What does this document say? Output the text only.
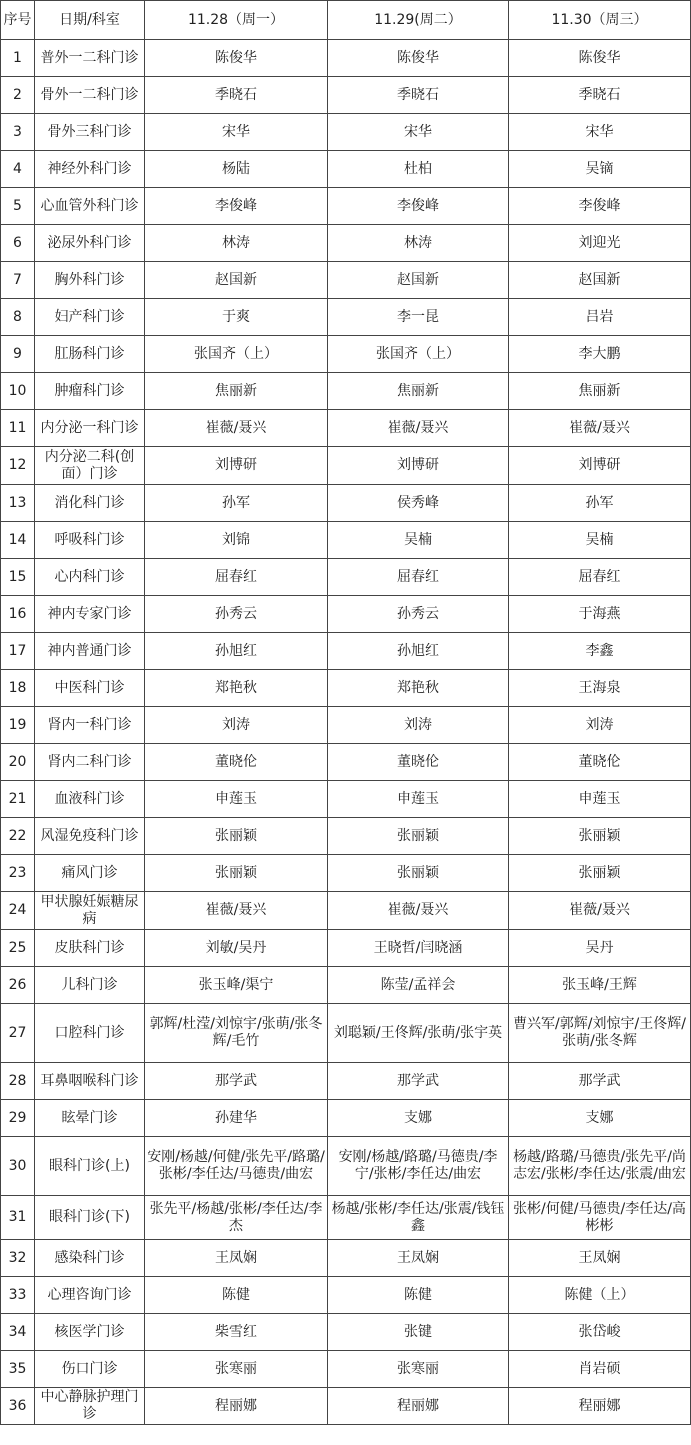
序号	日期/科室	11.28（周一）	11.29(周二）	11.30（周三）
1	普外一二科门诊	陈俊华	陈俊华	陈俊华
2	骨外一二科门诊	季晓石	季晓石	季晓石
3	骨外三科门诊	宋华	宋华	宋华
4	神经外科门诊	杨陆	杜柏	吴镝
5	心血管外科门诊	李俊峰	李俊峰	李俊峰
6	泌尿外科门诊	林涛	林涛	刘迎光
7	胸外科门诊	赵国新	赵国新	赵国新
8	妇产科门诊	于爽	李一昆	吕岩
9	肛肠科门诊	张国齐（上）	张国齐（上）	李大鹏
10	肿瘤科门诊	焦丽新	焦丽新	焦丽新
11	内分泌一科门诊	崔薇/聂兴	崔薇/聂兴	崔薇/聂兴
12	内分泌二科(创面）门诊	刘博研	刘博研	刘博研
13	消化科门诊	孙军	侯秀峰	孙军
14	呼吸科门诊	刘锦	吴楠	吴楠
15	心内科门诊	屈春红	屈春红	屈春红
16	神内专家门诊	孙秀云	孙秀云	于海燕
17	神内普通门诊	孙旭红	孙旭红	李鑫
18	中医科门诊	郑艳秋	郑艳秋	王海泉
19	肾内一科门诊	刘涛	刘涛	刘涛
20	肾内二科门诊	董晓伦	董晓伦	董晓伦
21	血液科门诊	申莲玉	申莲玉	申莲玉
22	风湿免疫科门诊	张丽颖	张丽颖	张丽颖
23	痛风门诊	张丽颖	张丽颖	张丽颖
24	甲状腺妊娠糖尿病	崔薇/聂兴	崔薇/聂兴	崔薇/聂兴
25	皮肤科门诊	刘敏/吴丹	王晓哲/闫晓涵	吴丹
26	儿科门诊	张玉峰/渠宁	陈莹/孟祥会	张玉峰/王辉
27	口腔科门诊	郭辉/杜滢/刘惊宇/张萌/张冬辉/毛竹	刘聪颖/王佟辉/张萌/张宇英	曹兴军/郭辉/刘惊宇/王佟辉/张萌/张冬辉
28	耳鼻咽喉科门诊	那学武	那学武	那学武
29	眩晕门诊	孙建华	支娜	支娜
30	眼科门诊(上)	安刚/杨越/何健/张先平/路璐/张彬/李任达/马德贵/曲宏	安刚/杨越/路璐/马德贵/李宁/张彬/李任达/曲宏	杨越/路璐/马德贵/张先平/尚志宏/张彬/李任达/张震/曲宏
31	眼科门诊(下)	张先平/杨越/张彬/李任达/李杰	杨越/张彬/李任达/张震/钱钰鑫	张彬/何健/马德贵/李任达/高彬彬
32	感染科门诊	王凤娴	王凤娴	王凤娴
33	心理咨询门诊	陈健	陈健	陈健（上）
34	核医学门诊	柴雪红	张键	张岱峻
35	伤口门诊	张寒丽	张寒丽	肖岩硕
36	中心静脉护理门诊	程丽娜	程丽娜	程丽娜
